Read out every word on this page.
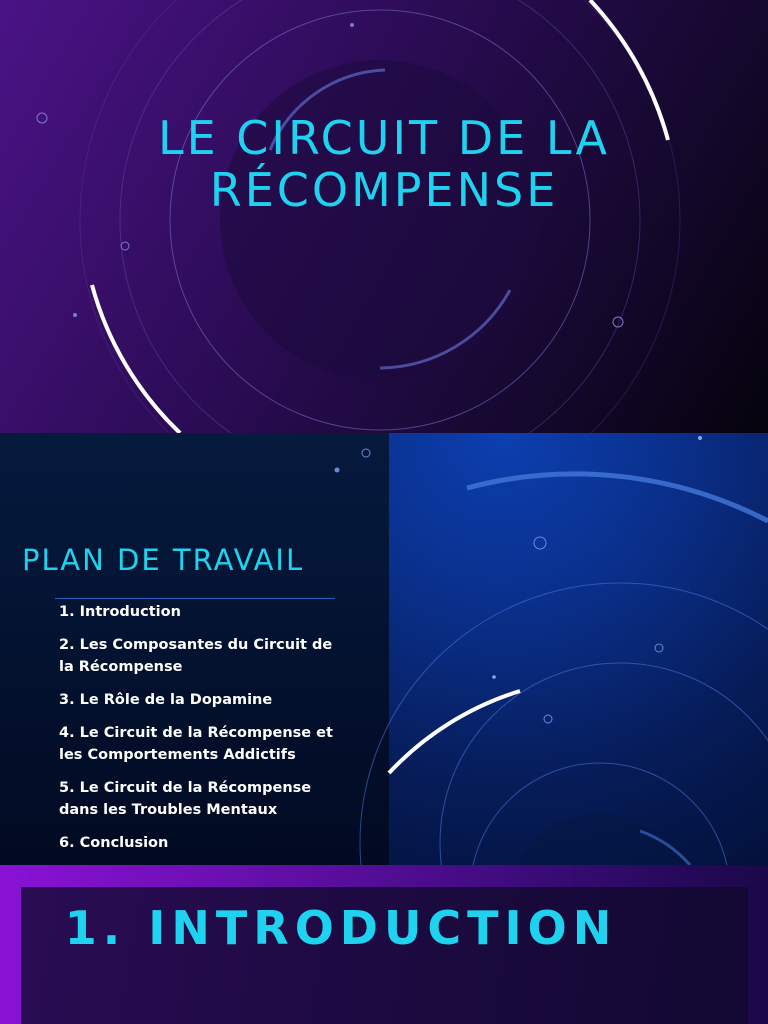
LE CIRCUIT DE LA RÉCOMPENSE
PLAN DE TRAVAIL
1. Introduction
2. Les Composantes du Circuit de la Récompense
3. Le Rôle de la Dopamine
4. Le Circuit de la Récompense et les Comportements Addictifs
5. Le Circuit de la Récompense dans les Troubles Mentaux
6. Conclusion
1. INTRODUCTION
